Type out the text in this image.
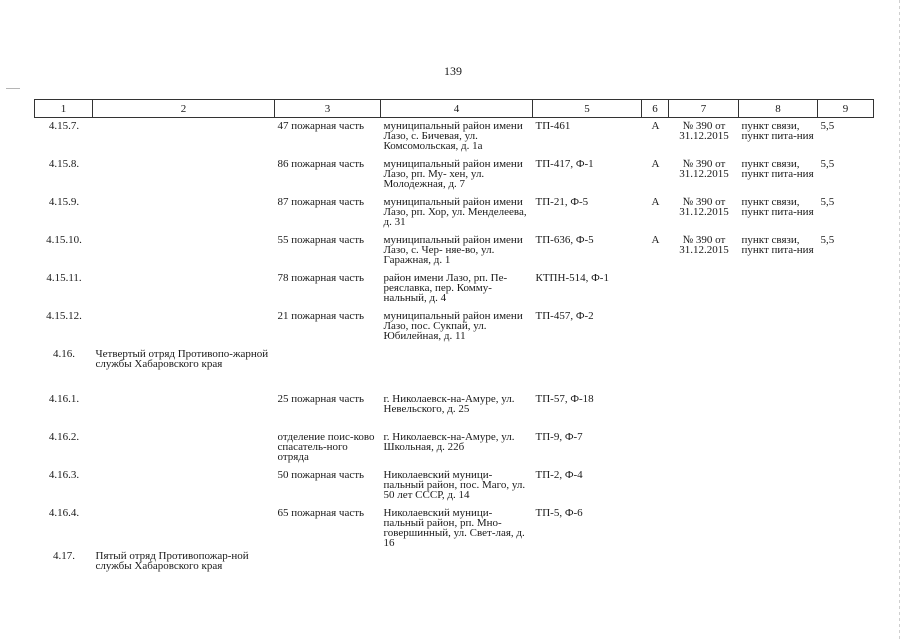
139
1	2	3	4	5	6	7	8	9
4.15.7.		47 пожарная часть	муниципальный район имени Лазо, с. Бичевая, ул. Комсомольская, д. 1а	ТП-461	А	№ 390 от 31.12.2015	пункт связи, пункт пита-ния	5,5
4.15.8.		86 пожарная часть	муниципальный район имени Лазо, рп. Му- хен, ул. Молодежная, д. 7	ТП-417, Ф-1	А	№ 390 от 31.12.2015	пункт связи, пункт пита-ния	5,5
4.15.9.		87 пожарная часть	муниципальный район имени Лазо, рп. Хор, ул. Менделеева, д. 31	ТП-21, Ф-5	А	№ 390 от 31.12.2015	пункт связи, пункт пита-ния	5,5
4.15.10.		55 пожарная часть	муниципальный район имени Лазо, с. Чер- няе-во, ул. Гаражная, д. 1	ТП-636, Ф-5	А	№ 390 от 31.12.2015	пункт связи, пункт пита-ния	5,5
4.15.11.		78 пожарная часть	район имени Лазо, рп. Пе-реяславка, пер. Комму-нальный, д. 4	КТПН-514, Ф-1				
4.15.12.		21 пожарная часть	муниципальный район имени Лазо, пос. Сукпай, ул. Юбилейная, д. 11	ТП-457, Ф-2				
4.16.	Четвертый отряд Противопо-жарной службы Хабаровского края							
4.16.1.		25 пожарная часть	г. Николаевск-на-Амуре, ул. Невельского, д. 25	ТП-57, Ф-18				
4.16.2.		отделение поис-ково спасатель-ного отряда	г. Николаевск-на-Амуре, ул. Школьная, д. 22б	ТП-9, Ф-7				
4.16.3.		50 пожарная часть	Николаевский муници-пальный район, пос. Маго, ул. 50 лет СССР, д. 14	ТП-2, Ф-4				
4.16.4.		65 пожарная часть	Николаевский муници-пальный район, рп. Мно-говершинный, ул. Свет-лая, д. 16	ТП-5, Ф-6				
4.17.	Пятый отряд Противопожар-ной службы Хабаровского края							
